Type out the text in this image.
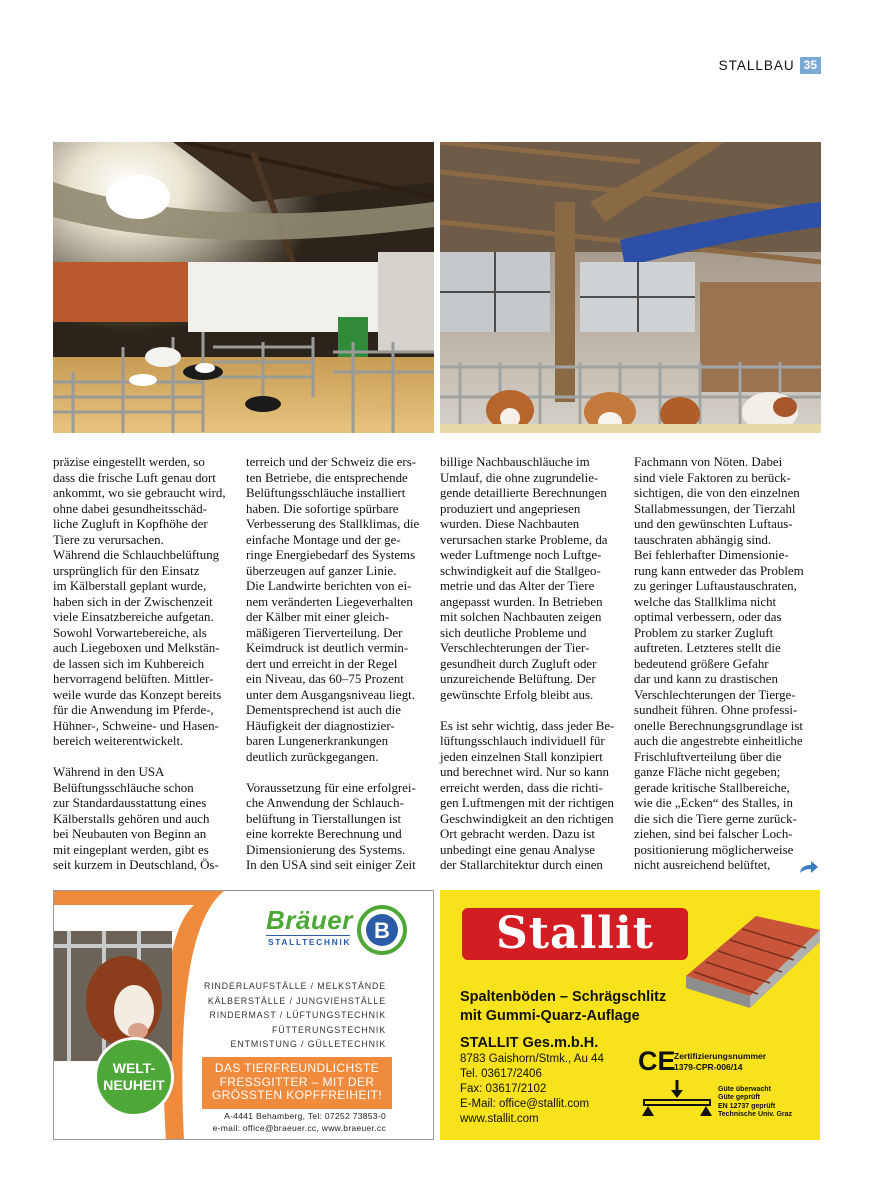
STALLBAU 35

präzise eingestellt werden, so
dass die frische Luft genau dort
ankommt, wo sie gebraucht wird,
ohne dabei gesundheitsschäd-
liche Zugluft in Kopfhöhe der
Tiere zu verursachen.
Während die Schlauchbelüftung
ursprünglich für den Einsatz
im Kälberstall geplant wurde,
haben sich in der Zwischenzeit
viele Einsatzbereiche aufgetan.
Sowohl Vorwartebereiche, als
auch Liegeboxen und Melkstän-
de lassen sich im Kuhbereich
hervorragend belüften. Mittler-
weile wurde das Konzept bereits
für die Anwendung im Pferde-,
Hühner-, Schweine- und Hasen-
bereich weiterentwickelt.

Während in den USA
Belüftungsschläuche schon
zur Standardausstattung eines
Kälberstalls gehören und auch
bei Neubauten von Beginn an
mit eingeplant werden, gibt es
seit kurzem in Deutschland, Ös-

terreich und der Schweiz die ers-
ten Betriebe, die entsprechende
Belüftungsschläuche installiert
haben. Die sofortige spürbare
Verbesserung des Stallklimas, die
einfache Montage und der ge-
ringe Energiebedarf des Systems
überzeugen auf ganzer Linie.
Die Landwirte berichten von ei-
nem veränderten Liegeverhalten
der Kälber mit einer gleich-
mäßigeren Tierverteilung. Der
Keimdruck ist deutlich vermin-
dert und erreicht in der Regel
ein Niveau, das 60–75 Prozent
unter dem Ausgangsniveau liegt.
Dementsprechend ist auch die
Häufigkeit der diagnostizier-
baren Lungenerkrankungen
deutlich zurückgegangen.

Voraussetzung für eine erfolgrei-
che Anwendung der Schlauch-
belüftung in Tierstallungen ist
eine korrekte Berechnung und
Dimensionierung des Systems.
In den USA sind seit einiger Zeit

billige Nachbauschläuche im
Umlauf, die ohne zugrundelie-
gende detaillierte Berechnungen
produziert und angepriesen
wurden. Diese Nachbauten
verursachen starke Probleme, da
weder Luftmenge noch Luftge-
schwindigkeit auf die Stallgeo-
metrie und das Alter der Tiere
angepasst wurden. In Betrieben
mit solchen Nachbauten zeigen
sich deutliche Probleme und
Verschlechterungen der Tier-
gesundheit durch Zugluft oder
unzureichende Belüftung. Der
gewünschte Erfolg bleibt aus.

Es ist sehr wichtig, dass jeder Be-
lüftungsschlauch individuell für
jeden einzelnen Stall konzipiert
und berechnet wird. Nur so kann
erreicht werden, dass die richti-
gen Luftmengen mit der richtigen
Geschwindigkeit an den richtigen
Ort gebracht werden. Dazu ist
unbedingt eine genau Analyse
der Stallarchitektur durch einen

Fachmann von Nöten. Dabei
sind viele Faktoren zu berück-
sichtigen, die von den einzelnen
Stallabmessungen, der Tierzahl
und den gewünschten Luftaus-
tauschraten abhängig sind.
Bei fehlerhafter Dimensionie-
rung kann entweder das Problem
zu geringer Luftaustauschraten,
welche das Stallklima nicht
optimal verbessern, oder das
Problem zu starker Zugluft
auftreten. Letzteres stellt die
bedeutend größere Gefahr
dar und kann zu drastischen
Verschlechterungen der Tierge-
sundheit führen. Ohne professi-
onelle Berechnungsgrundlage ist
auch die angestrebte einheitliche
Frischluftverteilung über die
ganze Fläche nicht gegeben;
gerade kritische Stallbereiche,
wie die „Ecken“ des Stalles, in
die sich die Tiere gerne zurück-
ziehen, sind bei falscher Loch-
positionierung möglicherweise
nicht ausreichend belüftet,

Bräuer
STALLTECHNIK B
RINDERLAUFSTÄLLE / MELKSTÄNDE
KÄLBERSTÄLLE / JUNGVIEHSTÄLLE
RINDERMAST / LÜFTUNGSTECHNIK
FÜTTERUNGSTECHNIK
ENTMISTUNG / GÜLLETECHNIK
DAS TIERFREUNDLICHSTE
FRESSGITTER – MIT DER
GRÖSSTEN KOPFFREIHEIT!
WELT-
NEUHEIT
A-4441 Behamberg, Tel: 07252 73853-0
e-mail: office@braeuer.cc, www.braeuer.cc
Stallit
Spaltenböden – Schrägschlitz
mit Gummi-Quarz-Auflage
STALLIT Ges.m.b.H.
8783 Gaishorn/Stmk., Au 44
Tel. 03617/2406
Fax: 03617/2102
E-Mail: office@stallit.com
www.stallit.com
CE
Zertifizierungsnummer
1379-CPR-006/14
Güte überwacht
Güte geprüft
EN 12737 geprüft
Technische Univ. Graz
